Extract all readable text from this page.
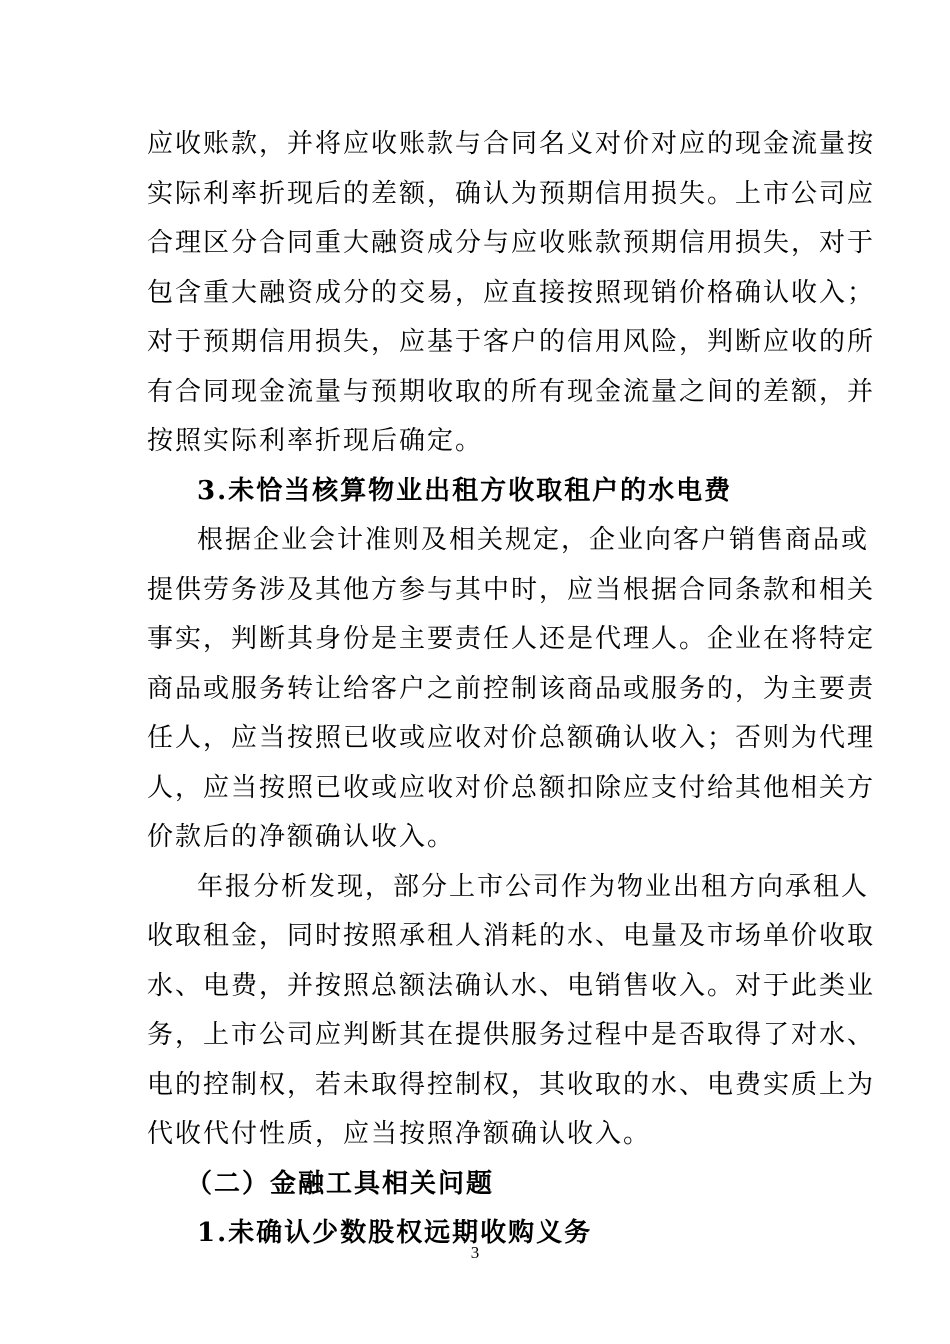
应收账款，并将应收账款与合同名义对价对应的现金流量按
实际利率折现后的差额，确认为预期信用损失。上市公司应
合理区分合同重大融资成分与应收账款预期信用损失，对于
包含重大融资成分的交易，应直接按照现销价格确认收入；
对于预期信用损失，应基于客户的信用风险，判断应收的所
有合同现金流量与预期收取的所有现金流量之间的差额，并
按照实际利率折现后确定。
3.未恰当核算物业出租方收取租户的水电费
根据企业会计准则及相关规定，企业向客户销售商品或
提供劳务涉及其他方参与其中时，应当根据合同条款和相关
事实，判断其身份是主要责任人还是代理人。企业在将特定
商品或服务转让给客户之前控制该商品或服务的，为主要责
任人，应当按照已收或应收对价总额确认收入；否则为代理
人，应当按照已收或应收对价总额扣除应支付给其他相关方
价款后的净额确认收入。
年报分析发现，部分上市公司作为物业出租方向承租人
收取租金，同时按照承租人消耗的水、电量及市场单价收取
水、电费，并按照总额法确认水、电销售收入。对于此类业
务，上市公司应判断其在提供服务过程中是否取得了对水、
电的控制权，若未取得控制权，其收取的水、电费实质上为
代收代付性质，应当按照净额确认收入。
（二）金融工具相关问题
1.未确认少数股权远期收购义务
3
